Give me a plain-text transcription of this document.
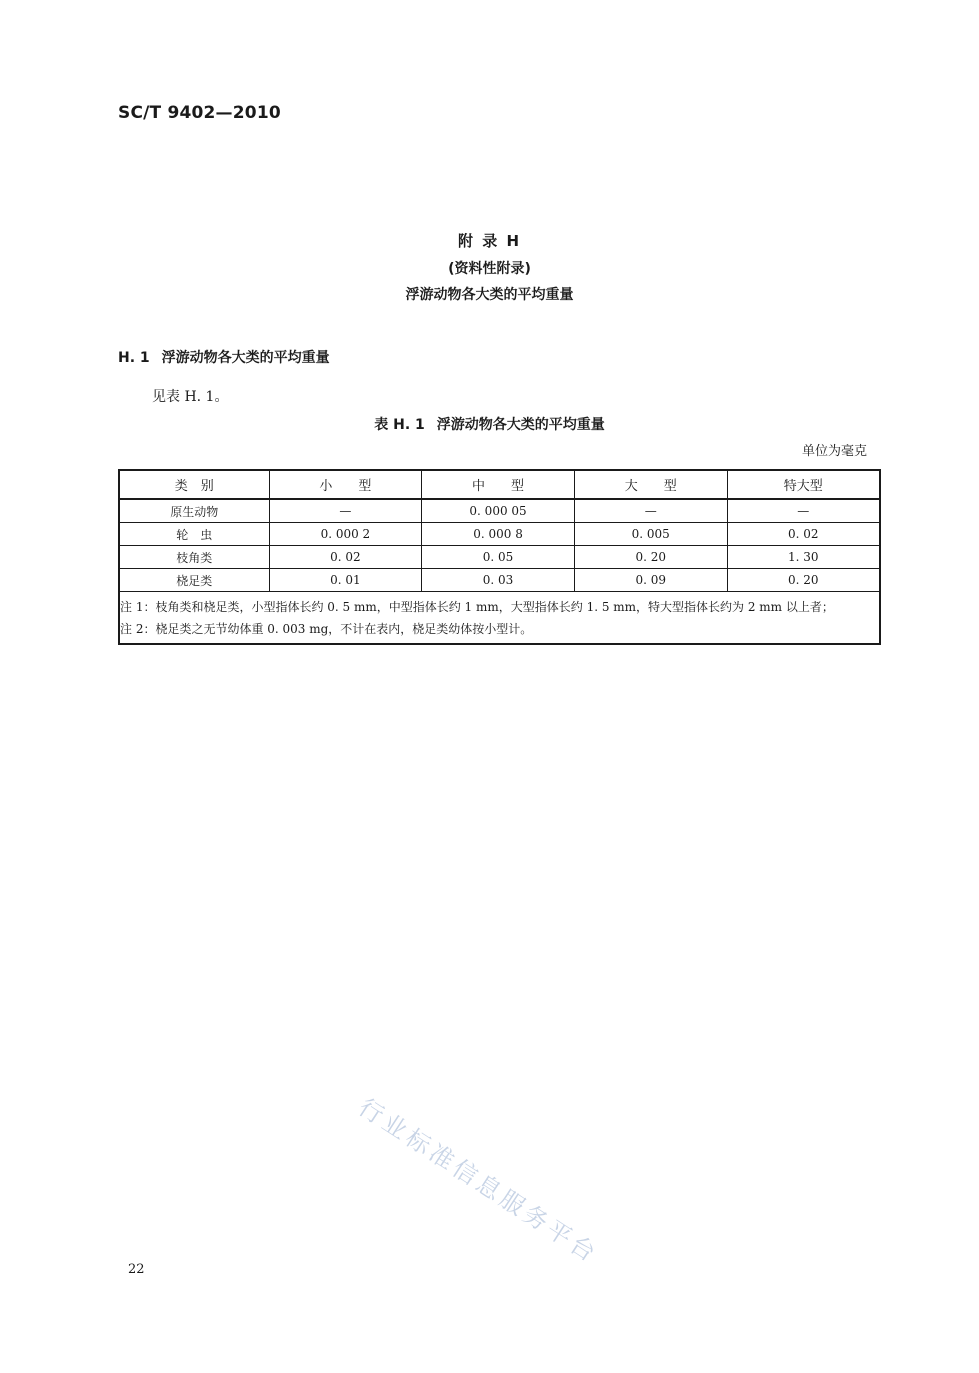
SC/T 9402—2010
附 录 H
(资料性附录)
浮游动物各大类的平均重量
H. 1 浮游动物各大类的平均重量
见表 H. 1。
表 H. 1 浮游动物各大类的平均重量
单位为毫克
类　别	小　　型	中　　型	大　　型	特大型
原生动物	—	0. 000 05	—	—
轮　虫	0. 000 2	0. 000 8	0. 005	0. 02
枝角类	0. 02	0. 05	0. 20	1. 30
桡足类	0. 01	0. 03	0. 09	0. 20

注 1：枝角类和桡足类，小型指体长约 0. 5 mm，中型指体长约 1 mm，大型指体长约 1. 5 mm，特大型指体长约为 2 mm 以上者；
注 2：桡足类之无节幼体重 0. 003 mg，不计在表内，桡足类幼体按小型计。				
行业标准信息服务平台
22
